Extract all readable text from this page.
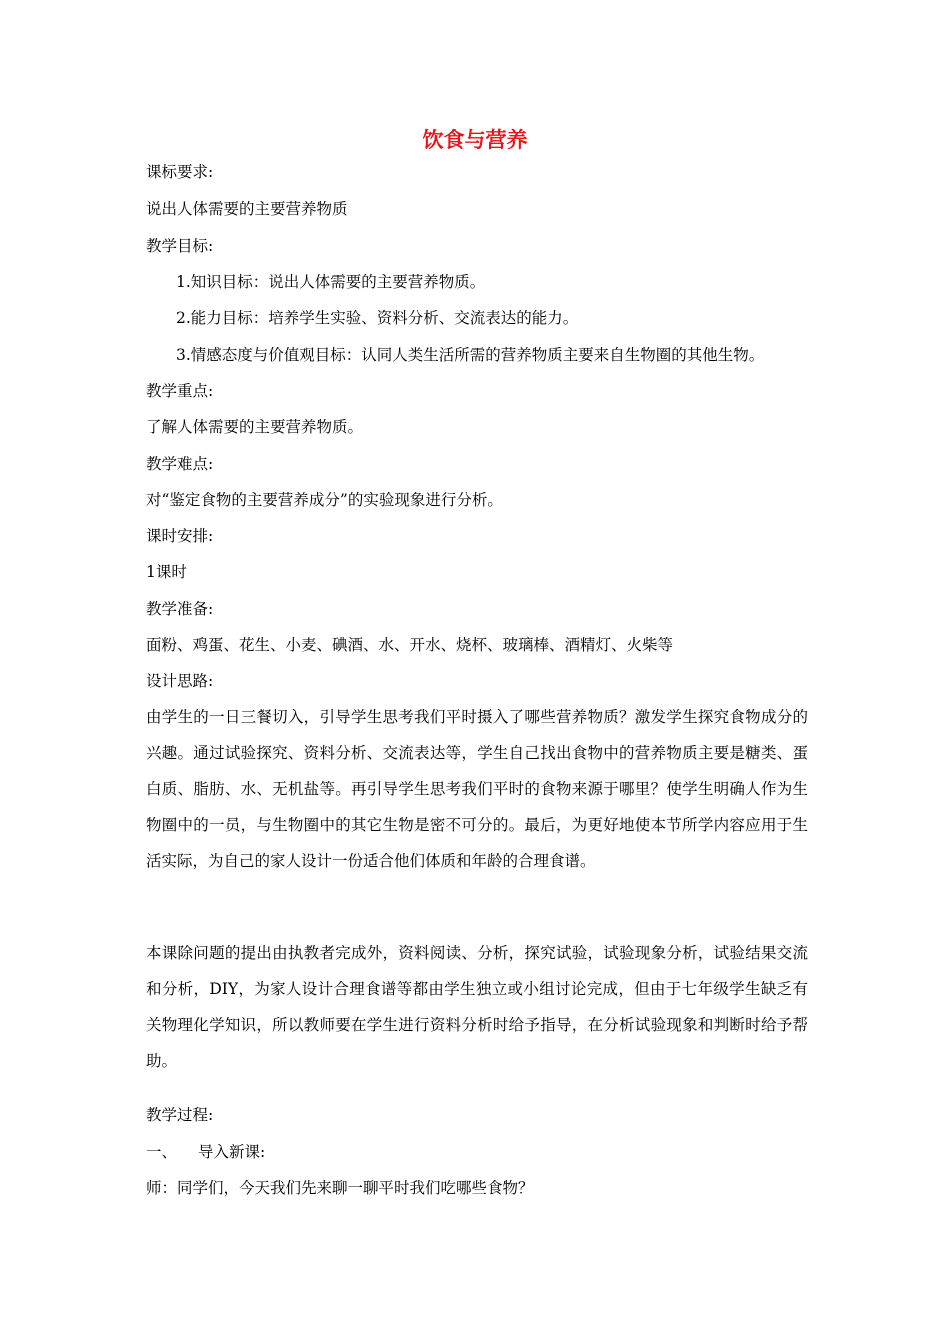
饮食与营养
课标要求:
说出人体需要的主要营养物质
教学目标:
1.知识目标：说出人体需要的主要营养物质。
2.能力目标：培养学生实验、资料分析、交流表达的能力。
3.情感态度与价值观目标：认同人类生活所需的营养物质主要来自生物圈的其他生物。
教学重点:
了解人体需要的主要营养物质。
教学难点:
对“鉴定食物的主要营养成分”的实验现象进行分析。
课时安排:
1课时
教学准备:
面粉、鸡蛋、花生、小麦、碘酒、水、开水、烧杯、玻璃棒、酒精灯、火柴等
设计思路:
由学生的一日三餐切入，引导学生思考我们平时摄入了哪些营养物质？激发学生探究食物成分的兴趣。通过试验探究、资料分析、交流表达等，学生自己找出食物中的营养物质主要是糖类、蛋白质、脂肪、水、无机盐等。再引导学生思考我们平时的食物来源于哪里？使学生明确人作为生物圈中的一员，与生物圈中的其它生物是密不可分的。最后，为更好地使本节所学内容应用于生活实际，为自己的家人设计一份适合他们体质和年龄的合理食谱。
本课除问题的提出由执教者完成外，资料阅读、分析，探究试验，试验现象分析，试验结果交流和分析，DIY，为家人设计合理食谱等都由学生独立或小组讨论完成，但由于七年级学生缺乏有关物理化学知识，所以教师要在学生进行资料分析时给予指导，在分析试验现象和判断时给予帮助。
教学过程:
一、 导入新课:
师：同学们，今天我们先来聊一聊平时我们吃哪些食物？
